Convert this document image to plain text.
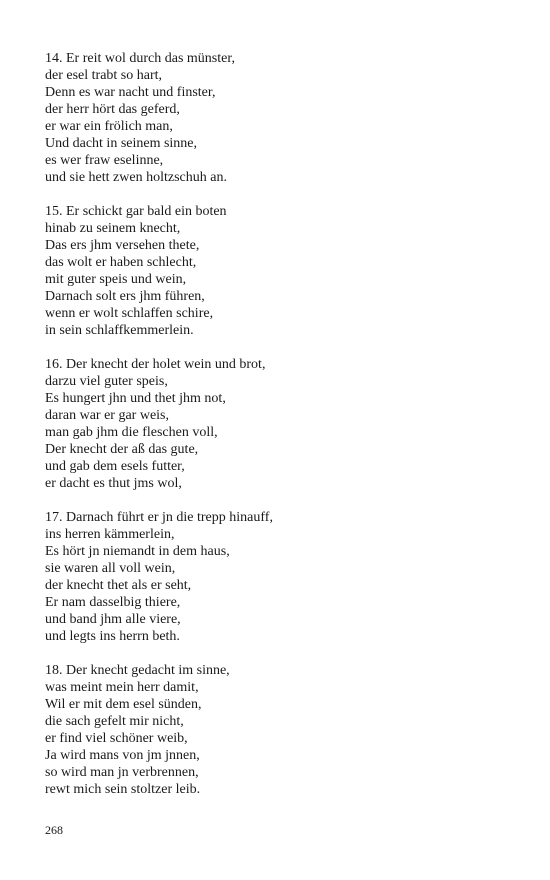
14. Er reit wol durch das münster,
der esel trabt so hart,
Denn es war nacht und finster,
der herr hört das geferd,
er war ein frölich man,
Und dacht in seinem sinne,
es wer fraw eselinne,
und sie hett zwen holtzschuh an.
15. Er schickt gar bald ein boten
hinab zu seinem knecht,
Das ers jhm versehen thete,
das wolt er haben schlecht,
mit guter speis und wein,
Darnach solt ers jhm führen,
wenn er wolt schlaffen schire,
in sein schlaffkemmerlein.
16. Der knecht der holet wein und brot,
darzu viel guter speis,
Es hungert jhn und thet jhm not,
daran war er gar weis,
man gab jhm die fleschen voll,
Der knecht der aß das gute,
und gab dem esels futter,
er dacht es thut jms wol,
17. Darnach führt er jn die trepp hinauff,
ins herren kämmerlein,
Es hört jn niemandt in dem haus,
sie waren all voll wein,
der knecht thet als er seht,
Er nam dasselbig thiere,
und band jhm alle viere,
und legts ins herrn beth.
18. Der knecht gedacht im sinne,
was meint mein herr damit,
Wil er mit dem esel sünden,
die sach gefelt mir nicht,
er find viel schöner weib,
Ja wird mans von jm jnnen,
so wird man jn verbrennen,
rewt mich sein stoltzer leib.
268
